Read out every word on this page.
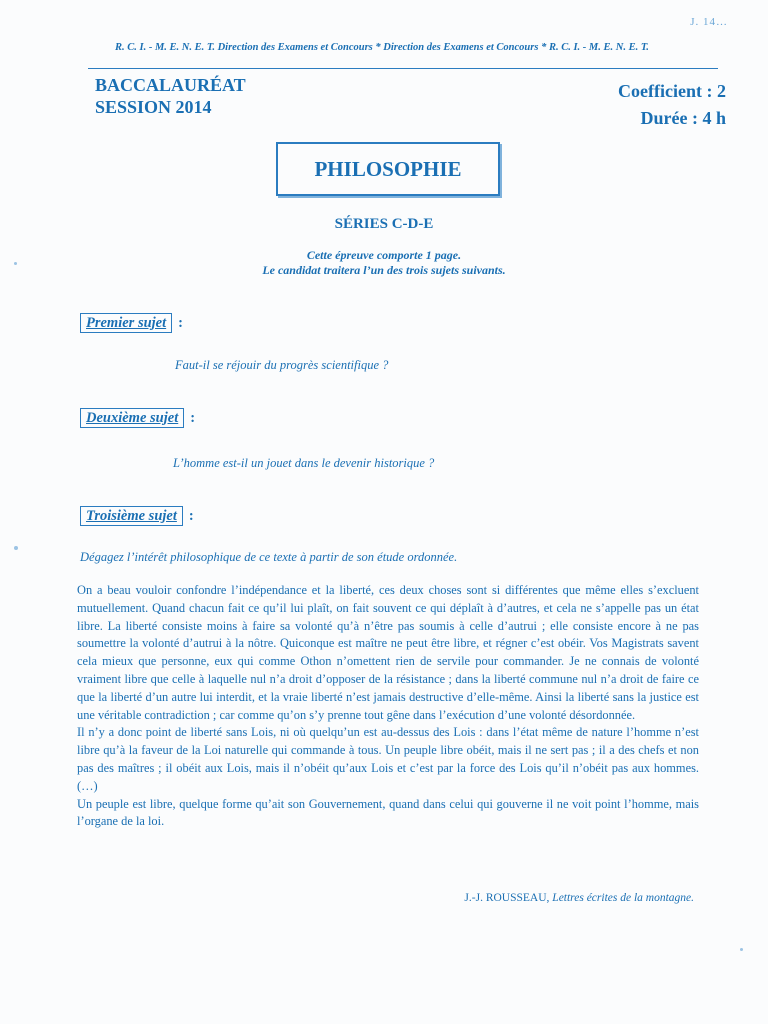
J. 14…
R. C. I. - M. E. N. E. T. Direction des Examens et Concours * Direction des Examens et Concours * R. C. I. - M. E. N. E. T.
BACCALAURÉAT
SESSION 2014
Coefficient : 2
Durée : 4 h
PHILOSOPHIE
SÉRIES C-D-E
Cette épreuve comporte 1 page.
Le candidat traitera l’un des trois sujets suivants.
Premier sujet :
Faut-il se réjouir du progrès scientifique ?
Deuxième sujet :
L’homme est-il un jouet dans le devenir historique ?
Troisième sujet :
Dégagez l’intérêt philosophique de ce texte à partir de son étude ordonnée.

On a beau vouloir confondre l’indépendance et la liberté, ces deux choses sont si différentes que même elles s’excluent mutuellement. Quand chacun fait ce qu’il lui plaît, on fait souvent ce qui déplaît à d’autres, et cela ne s’appelle pas un état libre. La liberté consiste moins à faire sa volonté qu’à n’être pas soumis à celle d’autrui ; elle consiste encore à ne pas soumettre la volonté d’autrui à la nôtre. Quiconque est maître ne peut être libre, et régner c’est obéir. Vos Magistrats savent cela mieux que personne, eux qui comme Othon n’omettent rien de servile pour commander. Je ne connais de volonté vraiment libre que celle à laquelle nul n’a droit d’opposer de la résistance ; dans la liberté commune nul n’a droit de faire ce que la liberté d’un autre lui interdit, et la vraie liberté n’est jamais destructive d’elle-même. Ainsi la liberté sans la justice est une véritable contradiction ; car comme qu’on s’y prenne tout gêne dans l’exécution d’une volonté désordonnée.

Il n’y a donc point de liberté sans Lois, ni où quelqu’un est au-dessus des Lois : dans l’état même de nature l’homme n’est libre qu’à la faveur de la Loi naturelle qui commande à tous. Un peuple libre obéit, mais il ne sert pas ; il a des chefs et non pas des maîtres ; il obéit aux Lois, mais il n’obéit qu’aux Lois et c’est par la force des Lois qu’il n’obéit pas aux hommes. (…)

Un peuple est libre, quelque forme qu’ait son Gouvernement, quand dans celui qui gouverne il ne voit point l’homme, mais l’organe de la loi.

J.-J. ROUSSEAU, Lettres écrites de la montagne.
